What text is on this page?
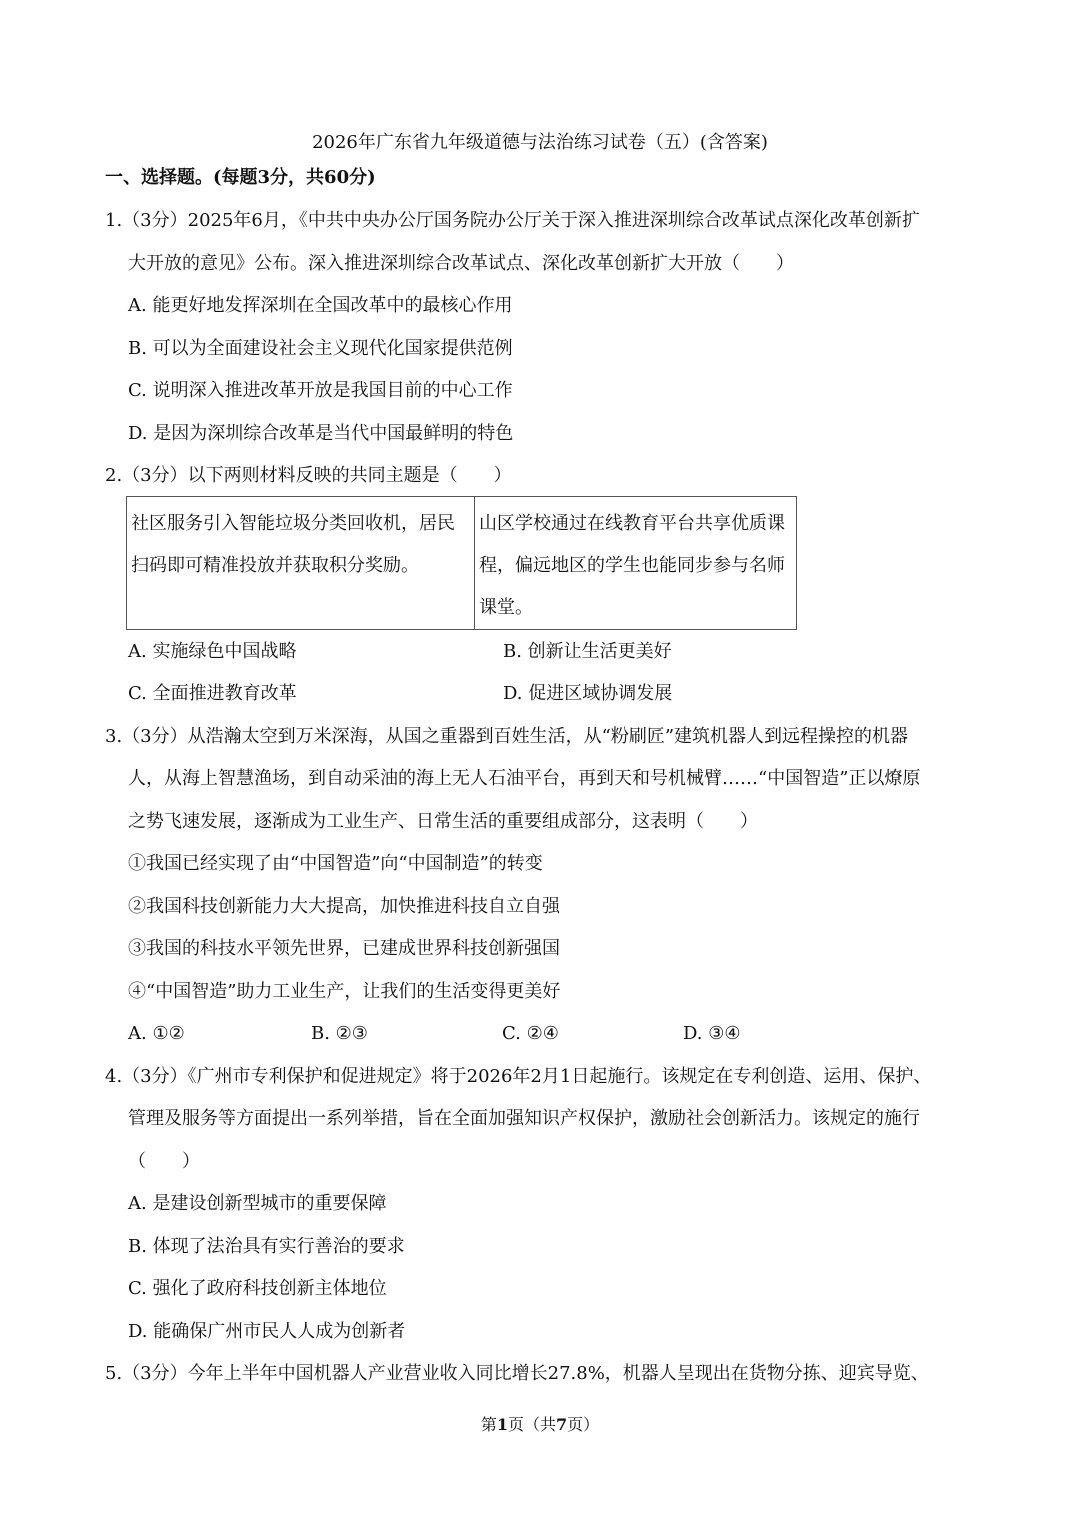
2026年广东省九年级道德与法治练习试卷（五）(含答案)
一、选择题。(每题3分，共60分)
1.（3分）2025年6月，《中共中央办公厅国务院办公厅关于深入推进深圳综合改革试点深化改革创新扩
大开放的意见》公布。深入推进深圳综合改革试点、深化改革创新扩大开放（　　）
A. 能更好地发挥深圳在全国改革中的最核心作用
B. 可以为全面建设社会主义现代化国家提供范例
C. 说明深入推进改革开放是我国目前的中心工作
D. 是因为深圳综合改革是当代中国最鲜明的特色
2.（3分）以下两则材料反映的共同主题是（　　）
社区服务引入智能垃圾分类回收机，居民扫码即可精准投放并获取积分奖励。	山区学校通过在线教育平台共享优质课程，偏远地区的学生也能同步参与名师课堂。
A. 实施绿色中国战略	B. 创新让生活更美好
C. 全面推进教育改革	D. 促进区域协调发展
3.（3分）从浩瀚太空到万米深海，从国之重器到百姓生活，从“粉刷匠”建筑机器人到远程操控的机器
人，从海上智慧渔场，到自动采油的海上无人石油平台，再到天和号机械臂……“中国智造”正以燎原
之势飞速发展，逐渐成为工业生产、日常生活的重要组成部分，这表明（　　）
①我国已经实现了由“中国智造”向“中国制造”的转变
②我国科技创新能力大大提高，加快推进科技自立自强
③我国的科技水平领先世界，已建成世界科技创新强国
④“中国智造”助力工业生产，让我们的生活变得更美好
A. ①②	B. ②③	C. ②④	D. ③④
4.（3分）《广州市专利保护和促进规定》将于2026年2月1日起施行。该规定在专利创造、运用、保护、
管理及服务等方面提出一系列举措，旨在全面加强知识产权保护，激励社会创新活力。该规定的施行
（　　）
A. 是建设创新型城市的重要保障
B. 体现了法治具有实行善治的要求
C. 强化了政府科技创新主体地位
D. 能确保广州市民人人成为创新者
5.（3分）今年上半年中国机器人产业营业收入同比增长27.8%，机器人呈现出在货物分拣、迎宾导览、
第1页（共7页）
